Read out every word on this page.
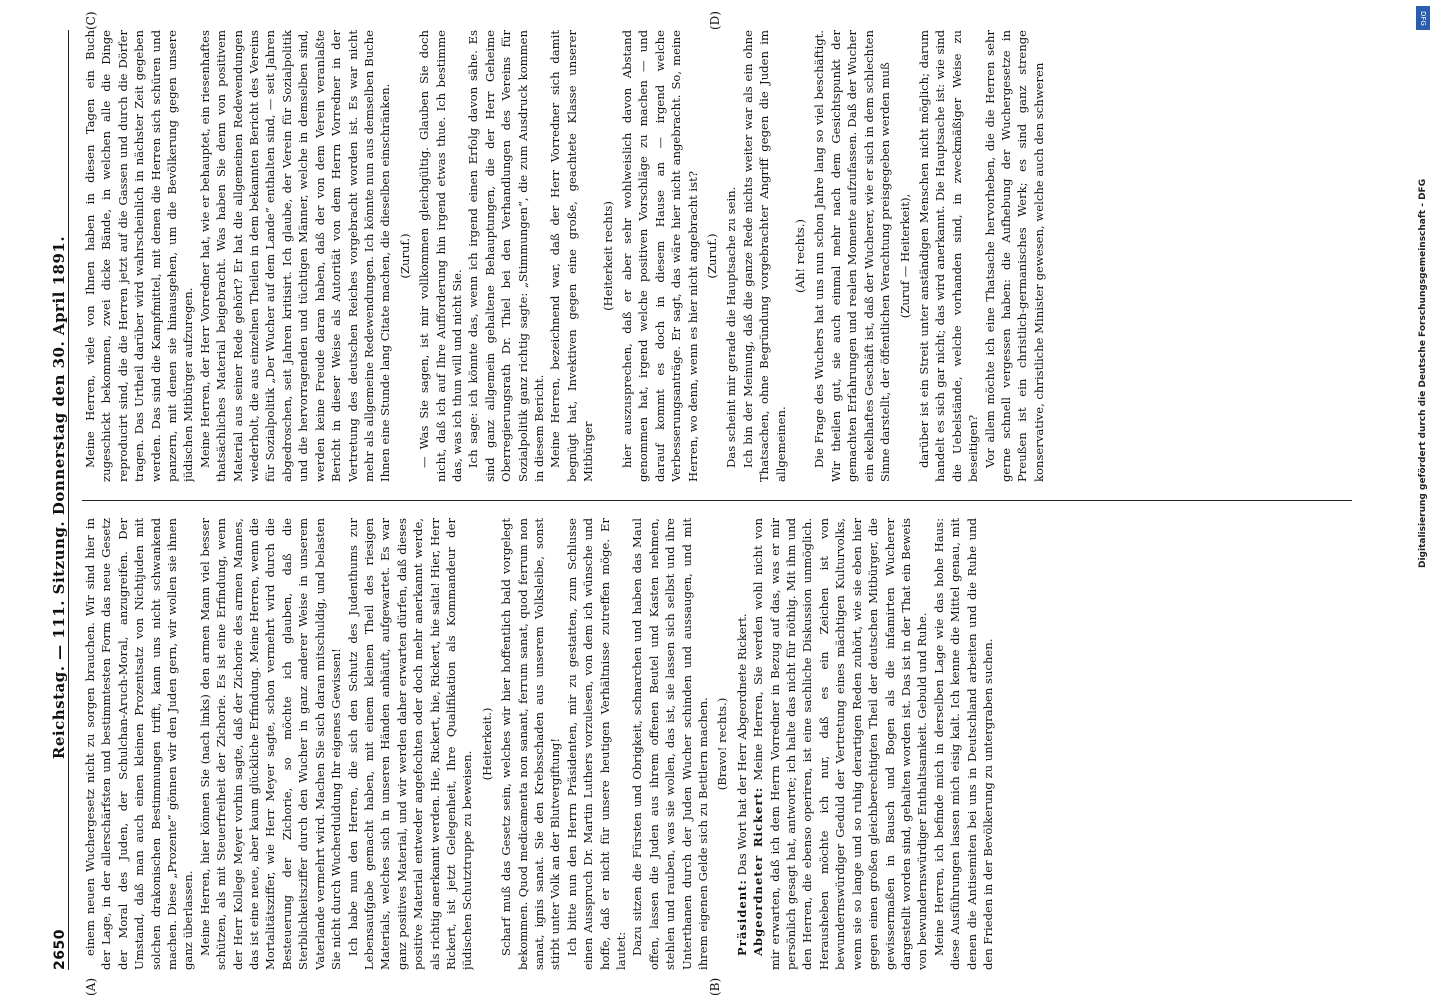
2650
Reichstag. — 111. Sitzung. Donnerstag den 30. April 1891. einem neuen Wuchergesetz nicht zu sorgen brauchen. Wir sind hier in der Lage, in der allerschärfsten und bestimmtesten Form das neue Gesetz der Moral des Juden, der Schulchan-Aruch-Moral, anzugreifen. Der Umstand, daß man auch einen kleinen Prozentsatz von Nichtjuden mit solchen drakonischen Bestimmungen trifft, kann uns nicht schwankend machen. Diese „Prozente“ gönnen wir den Juden gern, wir wollen sie ihnen ganz überlassen. Meine Herren, hier können Sie (nach links) den armen Mann viel besser schützen, als mit Steuerfreiheit der Zichorie. Es ist eine Erfindung, wenn der Herr Kollege Meyer vorhin sagte, daß der Zichorie des armen Mannes, das ist eine neue, aber kaum glückliche Erfindung. Meine Herren, wenn die Mortalitätsziffer, wie Herr Meyer sagte, schon vermehrt wird durch die Besteuerung der Zichorie, so möchte ich glauben, daß die Sterblichkeitsziffer durch den Wucher in ganz anderer Weise in unserem Vaterlande vermehrt wird. Machen Sie sich daran mitschuldig, und belasten Sie nicht durch Wucherduldung Ihr eigenes Gewissen! Ich habe nun den Herren, die sich den Schutz des Judenthums zur Lebensaufgabe gemacht haben, mit einem kleinen Theil des riesigen Materials, welches sich in unseren Händen anhäuft, aufgewartet. Es war ganz positives Material, und wir werden daher erwarten dürfen, daß dieses positive Material entweder angefochten oder doch mehr anerkannt werde, als richtig anerkannt werden. Hie, Rickert, hie, Rickert, hie salta! Hier, Herr Rickert, ist jetzt Gelegenheit, Ihre Qualifikation als Kommandeur der jüdischen Schutztruppe zu beweisen.

(Heiterkeit.) Scharf muß das Gesetz sein, welches wir hier hoffentlich bald vorgelegt bekommen. Quod medicamenta non sanant, ferrum sanat, quod ferrum non sanat, ignis sanat. Sie den Krebsschaden aus unserem Volksleibe, sonst stirbt unter Volk an der Blutvergiftung! Ich bitte nun den Herrn Präsidenten, mir zu gestatten, zum Schlusse einen Ausspruch Dr. Martin Luthers vorzulesen, von dem ich wünsche und hoffe, daß er nicht für unsere heutigen Verhältnisse zutreffen möge. Er lautet: Dazu sitzen die Fürsten und Obrigkeit, schnarchen und haben das Maul offen, lassen die Juden aus ihrem offenen Beutel und Kasten nehmen, stehlen und rauben, was sie wollen, das ist, sie lassen sich selbst und ihre Unterthanen durch der Juden Wucher schinden und aussaugen, und mit ihrem eigenen Gelde sich zu Bettlern machen. (Bravo! rechts.)

Präsident: Das Wort hat der Herr Abgeordnete Rickert. Abgeordneter Rickert: Meine Herren, Sie werden wohl nicht von mir erwarten, daß ich dem Herrn Vorredner in Bezug auf das, was er mir persönlich gesagt hat, antworte; ich halte das nicht für nöthig. Mit ihm und den Herren, die ebenso operiren, ist eine sachliche Diskussion unmöglich. Herausheben möchte ich nur, daß es ein Zeichen ist von bewundernswürdiger Geduld der Vertretung eines mächtigen Kulturvolks, wenn sie so lange und so ruhig derartigen Reden zuhört, wie sie eben hier gegen einen großen gleichberechtigten Theil der deutschen Mitbürger, die gewissermaßen in Bausch und Bogen als die infamirten Wucherer dargestellt worden sind, gehalten worden ist. Das ist in der That ein Beweis von bewundernswürdiger Enthaltsamkeit. Gebuld und Ruhe. Meine Herren, ich befinde mich in derselben Lage wie das hohe Haus: diese Ausführungen lassen mich eisig kalt. Ich kenne die Mittel genau, mit denen die Antisemiten bei uns in Deutschland arbeiten und die Ruhe und den Frieden in der Bevölkerung zu untergraben suchen.

Meine Herren, viele von Ihnen haben in diesen Tagen ein Buch zugeschickt bekommen, zwei dicke Bände, in welchen alle die Dinge reproducirt sind, die die Herren jetzt auf die Gassen und durch die Dörfer tragen. Das Urtheil darüber wird wahrscheinlich in nächster Zeit gegeben werden. Das sind die Kampfmittel, mit denen die Herren sich schüren und panzern, mit denen sie hinausgehen, um die Bevölkerung gegen unsere jüdischen Mitbürger aufzuregen. Meine Herren, der Herr Vorredner hat, wie er behauptet, ein riesenhaftes thatsächliches Material beigebracht. Was haben Sie denn von positivem Material aus seiner Rede gehört? Er hat die allgemeinen Redewendungen wiederholt, die aus einzelnen Theilen in dem bekannten Bericht des Vereins für Sozialpolitik „Der Wucher auf dem Lande“ enthalten sind, — seit Jahren abgedroschen, seit Jahren kritisirt. Ich glaube, der Verein für Sozialpolitik und die hervorragenden und tüchtigen Männer, welche in demselben sind, werden keine Freude daran haben, daß der von dem Verein veranlaßte Bericht in dieser Weise als Autorität von dem Herrn Vorredner in der Vertretung des deutschen Reiches vorgebracht worden ist. Es war nicht mehr als allgemeine Redewendungen. Ich könnte nun aus demselben Buche Ihnen eine Stunde lang Citate machen, die dieselben einschränken. (Zuruf.) — Was Sie sagen, ist mir vollkommen gleichgültig. Glauben Sie doch nicht, daß ich auf Ihre Aufforderung hin irgend etwas thue. Ich bestimme das, was ich thun will und nicht Sie. Ich sage: ich könnte das, wenn ich irgend einen Erfolg davon sähe. Es sind ganz allgemein gehaltene Behauptungen, die der Herr Geheime Oberregierungsrath Dr. Thiel bei den Verhandlungen des Vereins für Sozialpolitik ganz richtig sagte: „Stimmungen“, die zum Ausdruck kommen in diesem Bericht. Meine Herren, bezeichnend war, daß der Herr Vorredner sich damit begnügt hat, Invektiven gegen eine große, geachtete Klasse unserer Mitbürger

(Heiterkeit rechts) hier auszusprechen, daß er aber sehr wohlweislich davon Abstand genommen hat, irgend welche positiven Vorschläge zu machen — und darauf kommt es doch in diesem Hause an — irgend welche Verbesserungsanträge. Er sagt, das wäre hier nicht angebracht. So, meine Herren, wo denn, wenn es hier nicht angebracht ist? (Zuruf.) Das scheint mir gerade die Hauptsache zu sein. Ich bin der Meinung, daß die ganze Rede nichts weiter war als ein ohne Thatsachen, ohne Begründung vorgebrachter Angriff gegen die Juden im allgemeinen.

(Ah! rechts.) Die Frage des Wuchers hat uns nun schon Jahre lang so viel beschäftigt. Wir theilen gut, sie auch einmal mehr nach dem Gesichtspunkt der gemachten Erfahrungen und realen Momente aufzufassen. Daß der Wucher ein ekelhaftes Geschäft ist, daß der Wucherer, wie er sich in dem schlechten Sinne darstellt, der öffentlichen Verachtung preisgegeben werden muß (Zuruf — Heiterkeit), darüber ist ein Streit unter anständigen Menschen nicht möglich; darum handelt es sich gar nicht; das wird anerkannt. Die Hauptsache ist: wie sind die Uebelstände, welche vorhanden sind, in zweckmäßiger Weise zu beseitigen? Vor allem möchte ich eine Thatsache hervorheben, die die Herren sehr gerne schnell vergessen haben: die Aufhebung der Wuchergesetze in Preußen ist ein christlich-germanisches Werk; es sind ganz strenge konservative, christliche Minister gewesen, welche auch den schweren

(A)	(B)
(C)	(D)
Digitalisierung gefördert durch die Deutsche Forschungsgemeinschaft - DFG
DFG
